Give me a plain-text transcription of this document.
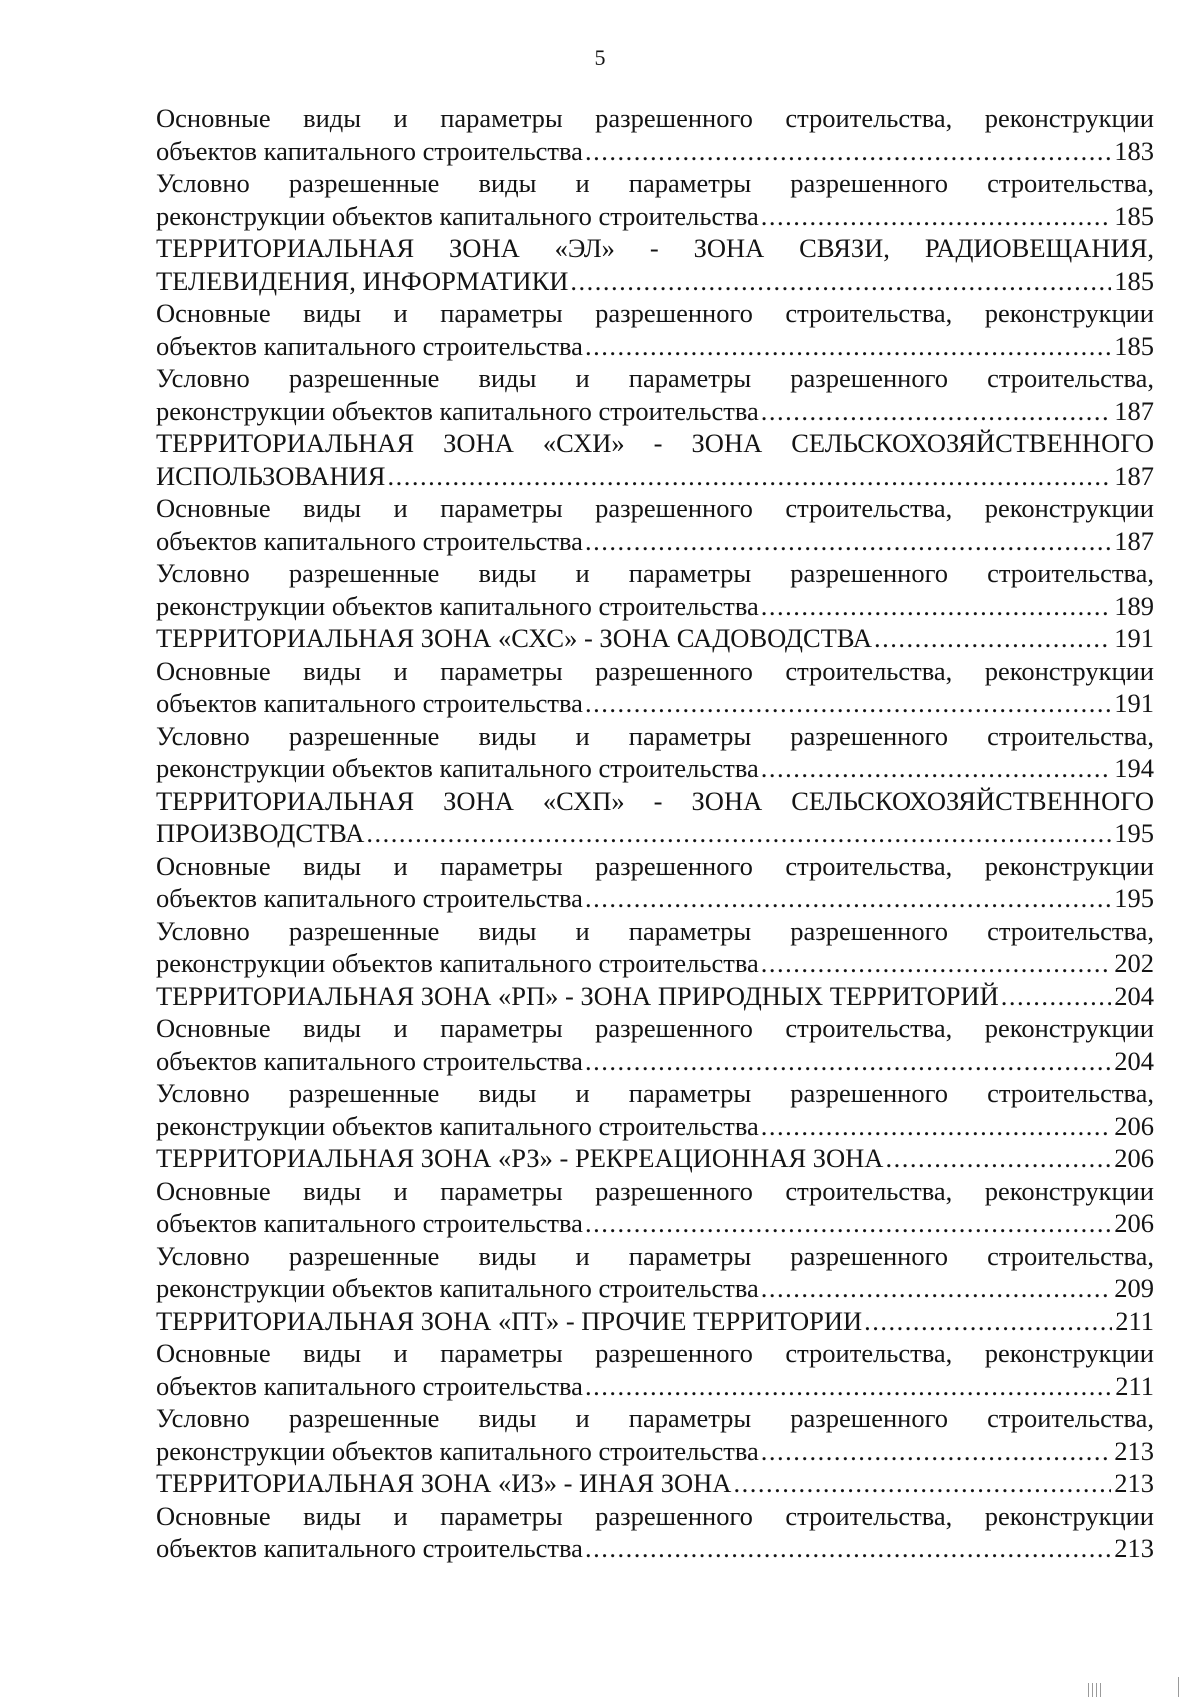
5
Основные виды и параметры разрешенного строительства, реконструкции
объектов капитального строительства .....	183
Условно разрешенные виды и параметры разрешенного строительства,
реконструкции объектов капитального строительства .....	185
ТЕРРИТОРИАЛЬНАЯ ЗОНА «ЭЛ» - ЗОНА СВЯЗИ, РАДИОВЕЩАНИЯ,
ТЕЛЕВИДЕНИЯ, ИНФОРМАТИКИ .....	185
Основные виды и параметры разрешенного строительства, реконструкции
объектов капитального строительства .....	185
Условно разрешенные виды и параметры разрешенного строительства,
реконструкции объектов капитального строительства .....	187
ТЕРРИТОРИАЛЬНАЯ ЗОНА «СХИ» - ЗОНА СЕЛЬСКОХОЗЯЙСТВЕННОГО
ИСПОЛЬЗОВАНИЯ .....	187
Основные виды и параметры разрешенного строительства, реконструкции
объектов капитального строительства .....	187
Условно разрешенные виды и параметры разрешенного строительства,
реконструкции объектов капитального строительства .....	189
ТЕРРИТОРИАЛЬНАЯ ЗОНА «СХС» - ЗОНА САДОВОДСТВА .....	191
Основные виды и параметры разрешенного строительства, реконструкции
объектов капитального строительства .....	191
Условно разрешенные виды и параметры разрешенного строительства,
реконструкции объектов капитального строительства .....	194
ТЕРРИТОРИАЛЬНАЯ ЗОНА «СХП» - ЗОНА СЕЛЬСКОХОЗЯЙСТВЕННОГО
ПРОИЗВОДСТВА .....	195
Основные виды и параметры разрешенного строительства, реконструкции
объектов капитального строительства .....	195
Условно разрешенные виды и параметры разрешенного строительства,
реконструкции объектов капитального строительства .....	202
ТЕРРИТОРИАЛЬНАЯ ЗОНА «РП» - ЗОНА ПРИРОДНЫХ ТЕРРИТОРИЙ .....	204
Основные виды и параметры разрешенного строительства, реконструкции
объектов капитального строительства .....	204
Условно разрешенные виды и параметры разрешенного строительства,
реконструкции объектов капитального строительства .....	206
ТЕРРИТОРИАЛЬНАЯ ЗОНА «РЗ» - РЕКРЕАЦИОННАЯ ЗОНА .....	206
Основные виды и параметры разрешенного строительства, реконструкции
объектов капитального строительства .....	206
Условно разрешенные виды и параметры разрешенного строительства,
реконструкции объектов капитального строительства .....	209
ТЕРРИТОРИАЛЬНАЯ ЗОНА «ПТ» - ПРОЧИЕ ТЕРРИТОРИИ .....	211
Основные виды и параметры разрешенного строительства, реконструкции
объектов капитального строительства .....	211
Условно разрешенные виды и параметры разрешенного строительства,
реконструкции объектов капитального строительства .....	213
ТЕРРИТОРИАЛЬНАЯ ЗОНА «ИЗ» - ИНАЯ ЗОНА .....	213
Основные виды и параметры разрешенного строительства, реконструкции
объектов капитального строительства .....	213
